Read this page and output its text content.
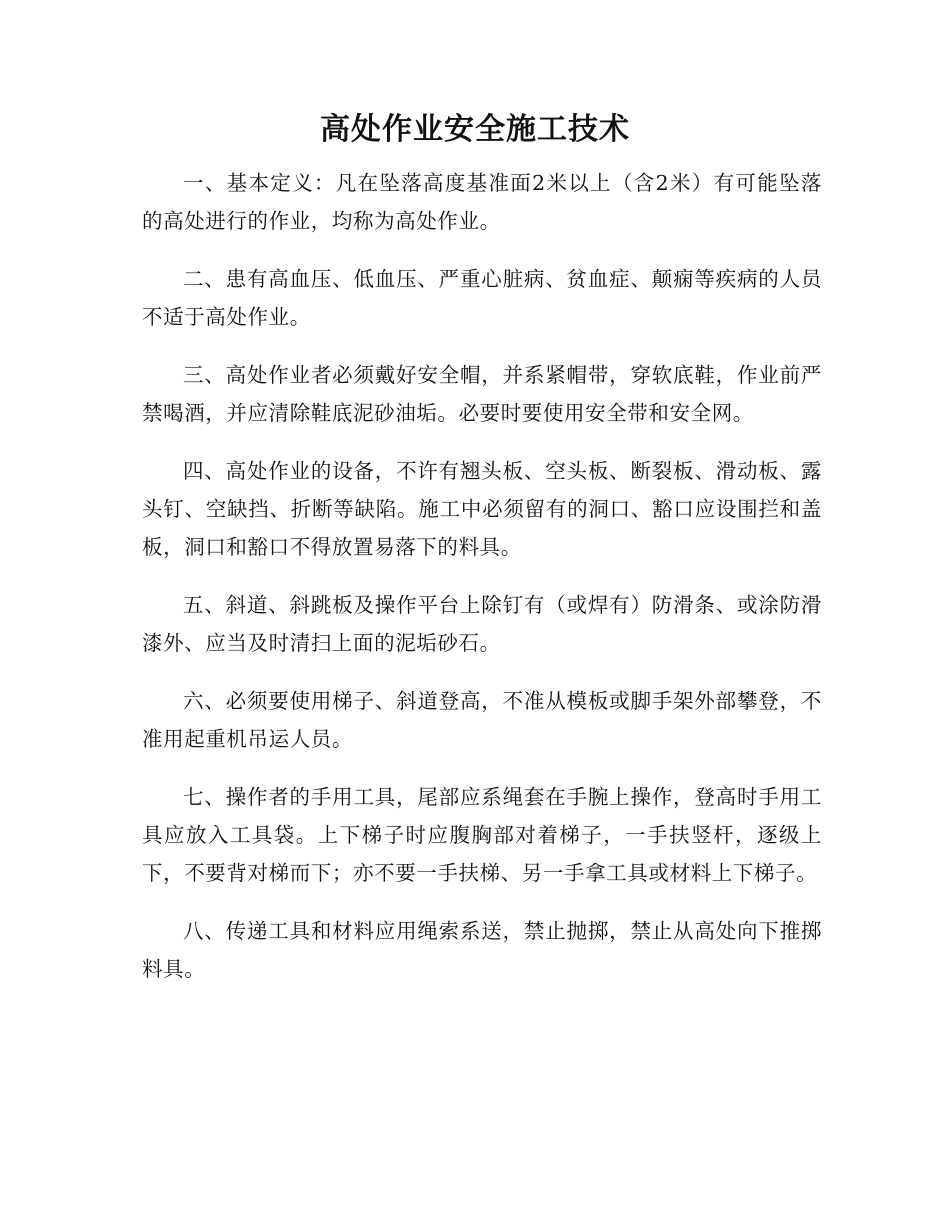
高处作业安全施工技术

一、基本定义：凡在坠落高度基准面2米以上（含2米）有可能坠落的高处进行的作业，均称为高处作业。

二、患有高血压、低血压、严重心脏病、贫血症、颠痫等疾病的人员不适于高处作业。

三、高处作业者必须戴好安全帽，并系紧帽带，穿软底鞋，作业前严禁喝酒，并应清除鞋底泥砂油垢。必要时要使用安全带和安全网。

四、高处作业的设备，不许有翘头板、空头板、断裂板、滑动板、露头钉、空缺挡、折断等缺陷。施工中必须留有的洞口、豁口应设围拦和盖板，洞口和豁口不得放置易落下的料具。

五、斜道、斜跳板及操作平台上除钉有（或焊有）防滑条、或涂防滑漆外、应当及时清扫上面的泥垢砂石。

六、必须要使用梯子、斜道登高，不准从模板或脚手架外部攀登，不准用起重机吊运人员。

七、操作者的手用工具，尾部应系绳套在手腕上操作，登高时手用工具应放入工具袋。上下梯子时应腹胸部对着梯子，一手扶竖杆，逐级上下，不要背对梯而下；亦不要一手扶梯、另一手拿工具或材料上下梯子。

八、传递工具和材料应用绳索系送，禁止抛掷，禁止从高处向下推掷料具。
